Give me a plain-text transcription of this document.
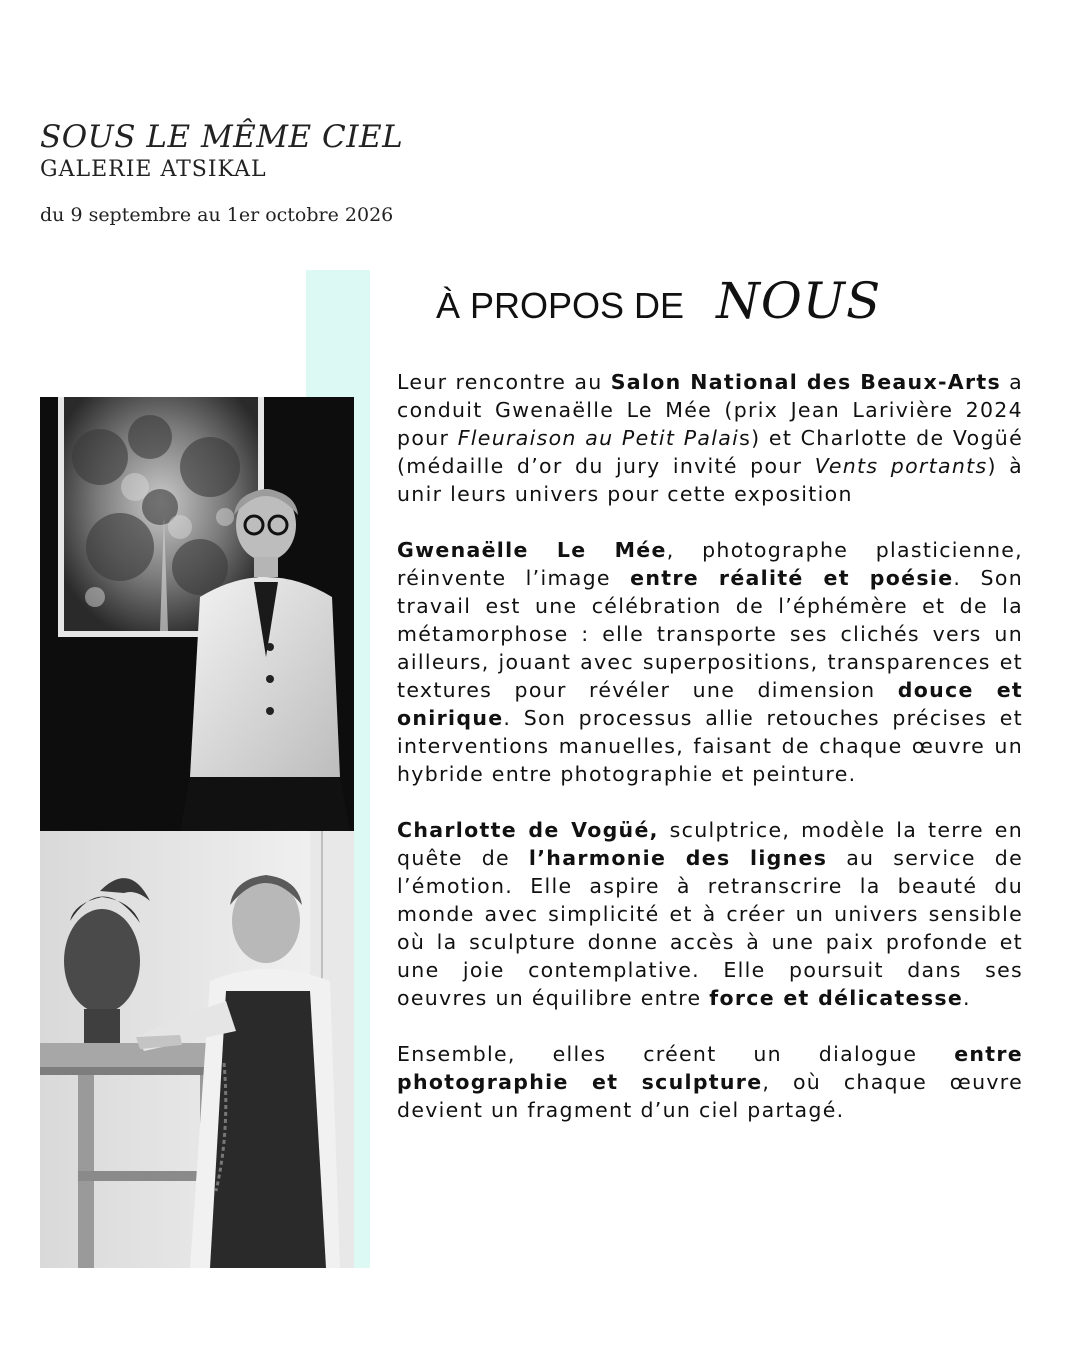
SOUS LE MÊME CIEL
GALERIE ATSIKAL
du 9 septembre au 1er octobre 2026
À PROPOS DE NOUS

Leur rencontre au Salon National des Beaux-Arts a conduit Gwenaëlle Le Mée (prix Jean Larivière 2024 pour Fleuraison au Petit Palais) et Charlotte de Vogüé (médaille d’or du jury invité pour Vents portants) à unir leurs univers pour cette exposition

Gwenaëlle Le Mée, photographe plasticienne, réinvente l’image entre réalité et poésie. Son travail est une célébration de l’éphémère et de la métamorphose : elle transporte ses clichés vers un ailleurs, jouant avec superpositions, transparences et textures pour révéler une dimension douce et onirique. Son processus allie retouches précises et interventions manuelles, faisant de chaque œuvre un hybride entre photographie et peinture.

Charlotte de Vogüé, sculptrice, modèle la terre en quête de l’harmonie des lignes au service de l’émotion. Elle aspire à retranscrire la beauté du monde avec simplicité et à créer un univers sensible où la sculpture donne accès à une paix profonde et une joie contemplative. Elle poursuit dans ses oeuvres un équilibre entre force et délicatesse.

Ensemble, elles créent un dialogue entre photographie et sculpture, où chaque œuvre devient un fragment d’un ciel partagé.
